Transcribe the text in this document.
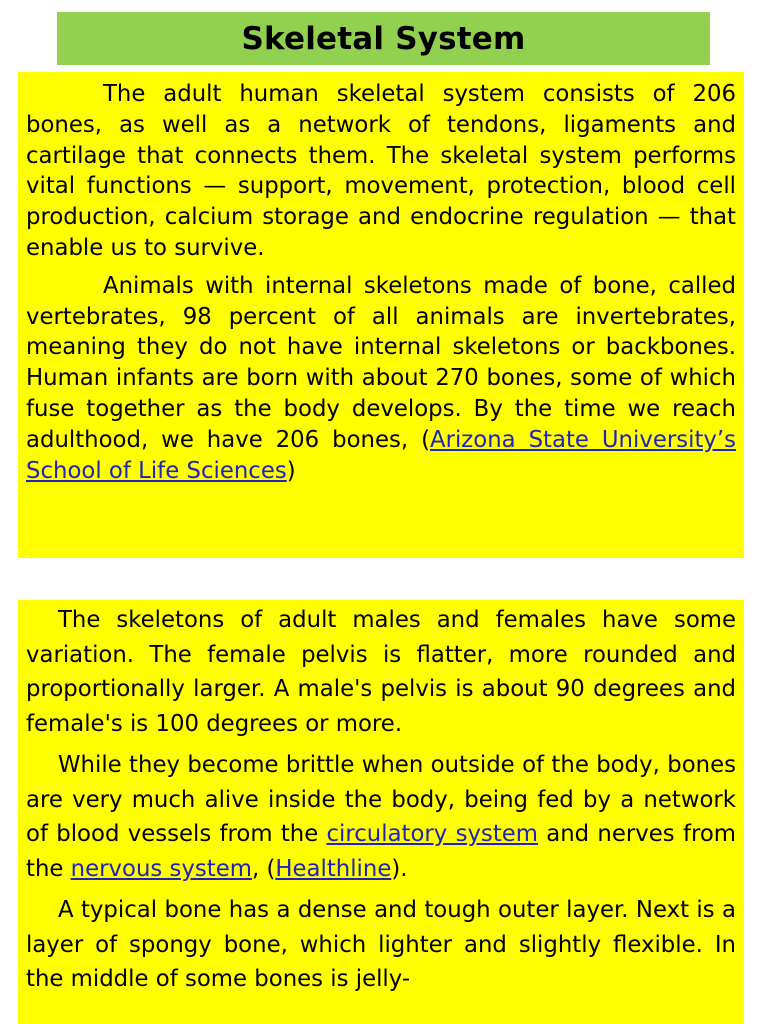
Skeletal System

The adult human skeletal system consists of 206 bones, as well as a network of tendons, ligaments and cartilage that connects them. The skeletal system performs vital functions — support, movement, protection, blood cell production, calcium storage and endocrine regulation — that enable us to survive.

Animals with internal skeletons made of bone, called vertebrates, 98 percent of all animals are invertebrates, meaning they do not have internal skeletons or backbones. Human infants are born with about 270 bones, some of which fuse together as the body develops. By the time we reach adulthood, we have 206 bones, (Arizona State University’s School of Life Sciences)

The skeletons of adult males and females have some variation. The female pelvis is flatter, more rounded and proportionally larger. A male's pelvis is about 90 degrees and female's is 100 degrees or more.

While they become brittle when outside of the body, bones are very much alive inside the body, being fed by a network of blood vessels from the circulatory system and nerves from the nervous system, (Healthline).

A typical bone has a dense and tough outer layer. Next is a layer of spongy bone, which lighter and slightly flexible. In the middle of some bones is jelly-
